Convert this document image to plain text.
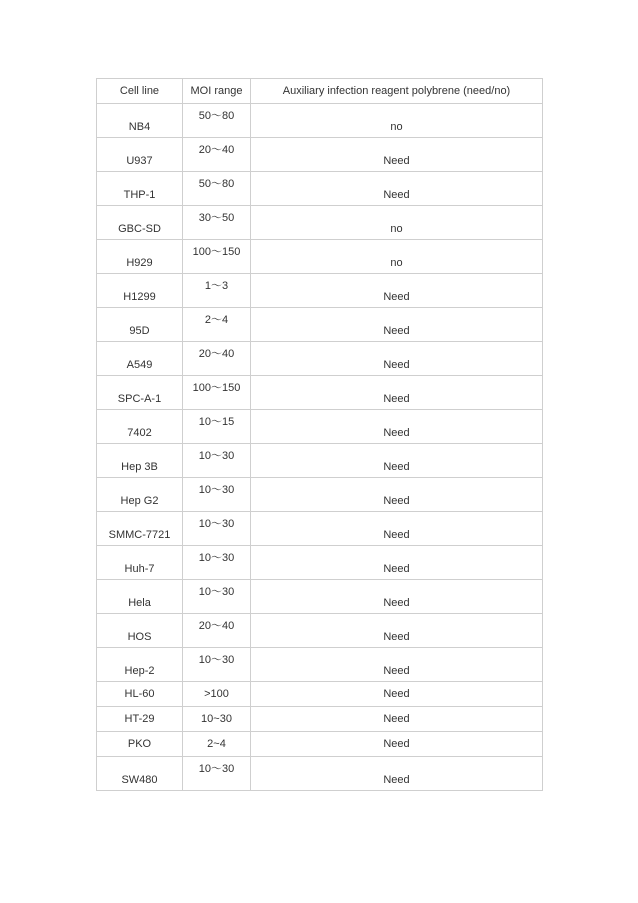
Cell line	MOI range	Auxiliary infection reagent polybrene (need/no)
NB4	50～80	no
U937	20～40	Need
THP-1	50～80	Need
GBC-SD	30～50	no
H929	100～150	no
H1299	1～3	Need
95D	2～4	Need
A549	20～40	Need
SPC-A-1	100～150	Need
7402	10～15	Need
Hep 3B	10～30	Need
Hep G2	10～30	Need
SMMC-7721	10～30	Need
Huh-7	10～30	Need
Hela	10～30	Need
HOS	20～40	Need
Hep-2	10～30	Need
HL-60	>100	Need
HT-29	10~30	Need
PKO	2~4	Need
SW480	10～30	Need
